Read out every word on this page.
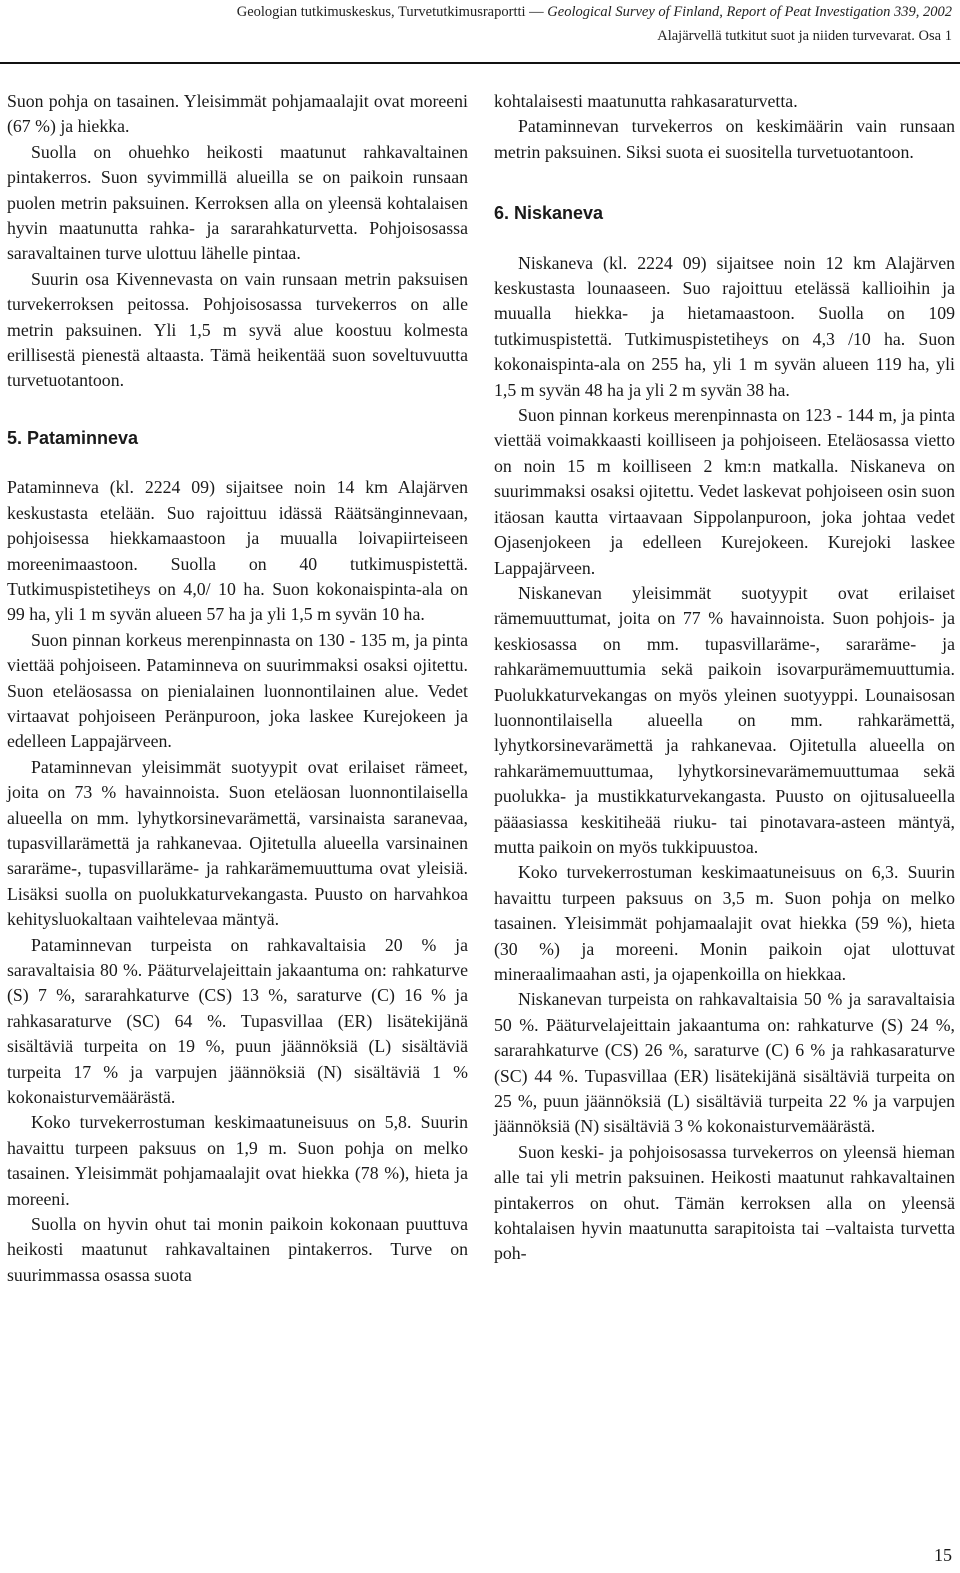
Geologian tutkimuskeskus, Turvetutkimusraportti — Geological Survey of Finland, Report of Peat Investigation 339, 2002
Alajärvellä tutkitut suot ja niiden turvevarat. Osa 1

Suon pohja on tasainen. Yleisimmät pohjamaalajit ovat moreeni (67 %) ja hiekka.

Suolla on ohuehko heikosti maatunut rahkavaltainen pintakerros. Suon syvimmillä alueilla se on paikoin runsaan puolen metrin paksuinen. Kerroksen alla on yleensä kohtalaisen hyvin maatunutta rahka- ja sararahkaturvetta. Pohjoisosassa saravaltainen turve ulottuu lähelle pintaa.

Suurin osa Kivennevasta on vain runsaan metrin paksuisen turvekerroksen peitossa. Pohjoisosassa turvekerros on alle metrin paksuinen. Yli 1,5 m syvä alue koostuu kolmesta erillisestä pienestä altaasta. Tämä heikentää suon soveltuvuutta turvetuotantoon.

5. Pataminneva

Pataminneva (kl. 2224 09) sijaitsee noin 14 km Alajärven keskustasta etelään. Suo rajoittuu idässä Räätsänginnevaan, pohjoisessa hiekkamaastoon ja muualla loivapiirteiseen moreenimaastoon. Suolla on 40 tutkimuspistettä. Tutkimuspistetiheys on 4,0/ 10 ha. Suon kokonaispinta-ala on 99 ha, yli 1 m syvän alueen 57 ha ja yli 1,5 m syvän 10 ha.

Suon pinnan korkeus merenpinnasta on 130 - 135 m, ja pinta viettää pohjoiseen. Pataminneva on suurimmaksi osaksi ojitettu. Suon eteläosassa on pienialainen luonnontilainen alue. Vedet virtaavat pohjoiseen Peränpuroon, joka laskee Kurejokeen ja edelleen Lappajärveen.

Pataminnevan yleisimmät suotyypit ovat erilaiset rämeet, joita on 73 % havainnoista. Suon eteläosan luonnontilaisella alueella on mm. lyhytkorsinevarämettä, varsinaista saranevaa, tupasvillarämettä ja rahkanevaa. Ojitetulla alueella varsinainen sararäme-, tupasvillaräme- ja rahkarämemuuttuma ovat yleisiä. Lisäksi suolla on puolukkaturvekangasta. Puusto on harvahkoa kehitysluokaltaan vaihtelevaa mäntyä.

Pataminnevan turpeista on rahkavaltaisia 20 % ja saravaltaisia 80 %. Pääturvelajeittain jakaantuma on: rahkaturve (S) 7 %, sararahkaturve (CS) 13 %, saraturve (C) 16 % ja rahkasaraturve (SC) 64 %. Tupasvillaa (ER) lisätekijänä sisältäviä turpeita on 19 %, puun jäännöksiä (L) sisältäviä turpeita 17 % ja varpujen jäännöksiä (N) sisältäviä 1 % kokonaisturvemäärästä.

Koko turvekerrostuman keskimaatuneisuus on 5,8. Suurin havaittu turpeen paksuus on 1,9 m. Suon pohja on melko tasainen. Yleisimmät pohjamaalajit ovat hiekka (78 %), hieta ja moreeni.

Suolla on hyvin ohut tai monin paikoin kokonaan puuttuva heikosti maatunut rahkavaltainen pintakerros. Turve on suurimmassa osassa suota

kohtalaisesti maatunutta rahkasaraturvetta.

Pataminnevan turvekerros on keskimäärin vain runsaan metrin paksuinen. Siksi suota ei suositella turvetuotantoon.

6. Niskaneva

Niskaneva (kl. 2224 09) sijaitsee noin 12 km Alajärven keskustasta lounaaseen. Suo rajoittuu etelässä kallioihin ja muualla hiekka- ja hietamaastoon. Suolla on 109 tutkimuspistettä. Tutkimuspistetiheys on 4,3 /10 ha. Suon kokonaispinta-ala on 255 ha, yli 1 m syvän alueen 119 ha, yli 1,5 m syvän 48 ha ja yli 2 m syvän 38 ha.

Suon pinnan korkeus merenpinnasta on 123 - 144 m, ja pinta viettää voimakkaasti koilliseen ja pohjoiseen. Eteläosassa vietto on noin 15 m koilliseen 2 km:n matkalla. Niskaneva on suurimmaksi osaksi ojitettu. Vedet laskevat pohjoiseen osin suon itäosan kautta virtaavaan Sippolanpuroon, joka johtaa vedet Ojasenjokeen ja edelleen Kurejokeen. Kurejoki laskee Lappajärveen.

Niskanevan yleisimmät suotyypit ovat erilaiset rämemuuttumat, joita on 77 % havainnoista. Suon pohjois- ja keskiosassa on mm. tupasvillaräme-, sararäme- ja rahkarämemuuttumia sekä paikoin isovarpurämemuuttumia. Puolukkaturvekangas on myös yleinen suotyyppi. Lounaisosan luonnontilaisella alueella on mm. rahkarämettä, lyhytkorsinevarämettä ja rahkanevaa. Ojitetulla alueella on rahkarämemuuttumaa, lyhytkorsinevarämemuuttumaa sekä puolukka- ja mustikkaturvekangasta. Puusto on ojitusalueella pääasiassa keskitiheää riuku- tai pinotavara-asteen mäntyä, mutta paikoin on myös tukkipuustoa.

Koko turvekerrostuman keskimaatuneisuus on 6,3. Suurin havaittu turpeen paksuus on 3,5 m. Suon pohja on melko tasainen. Yleisimmät pohjamaalajit ovat hiekka (59 %), hieta (30 %) ja moreeni. Monin paikoin ojat ulottuvat mineraalimaahan asti, ja ojapenkoilla on hiekkaa.

Niskanevan turpeista on rahkavaltaisia 50 % ja saravaltaisia 50 %. Pääturvelajeittain jakaantuma on: rahkaturve (S) 24 %, sararahkaturve (CS) 26 %, saraturve (C) 6 % ja rahkasaraturve (SC) 44 %. Tupasvillaa (ER) lisätekijänä sisältäviä turpeita on 25 %, puun jäännöksiä (L) sisältäviä turpeita 22 % ja varpujen jäännöksiä (N) sisältäviä 3 % kokonaisturvemäärästä.

Suon keski- ja pohjoisosassa turvekerros on yleensä hieman alle tai yli metrin paksuinen. Heikosti maatunut rahkavaltainen pintakerros on ohut. Tämän kerroksen alla on yleensä kohtalaisen hyvin maatunutta sarapitoista tai –valtaista turvetta poh-

15
